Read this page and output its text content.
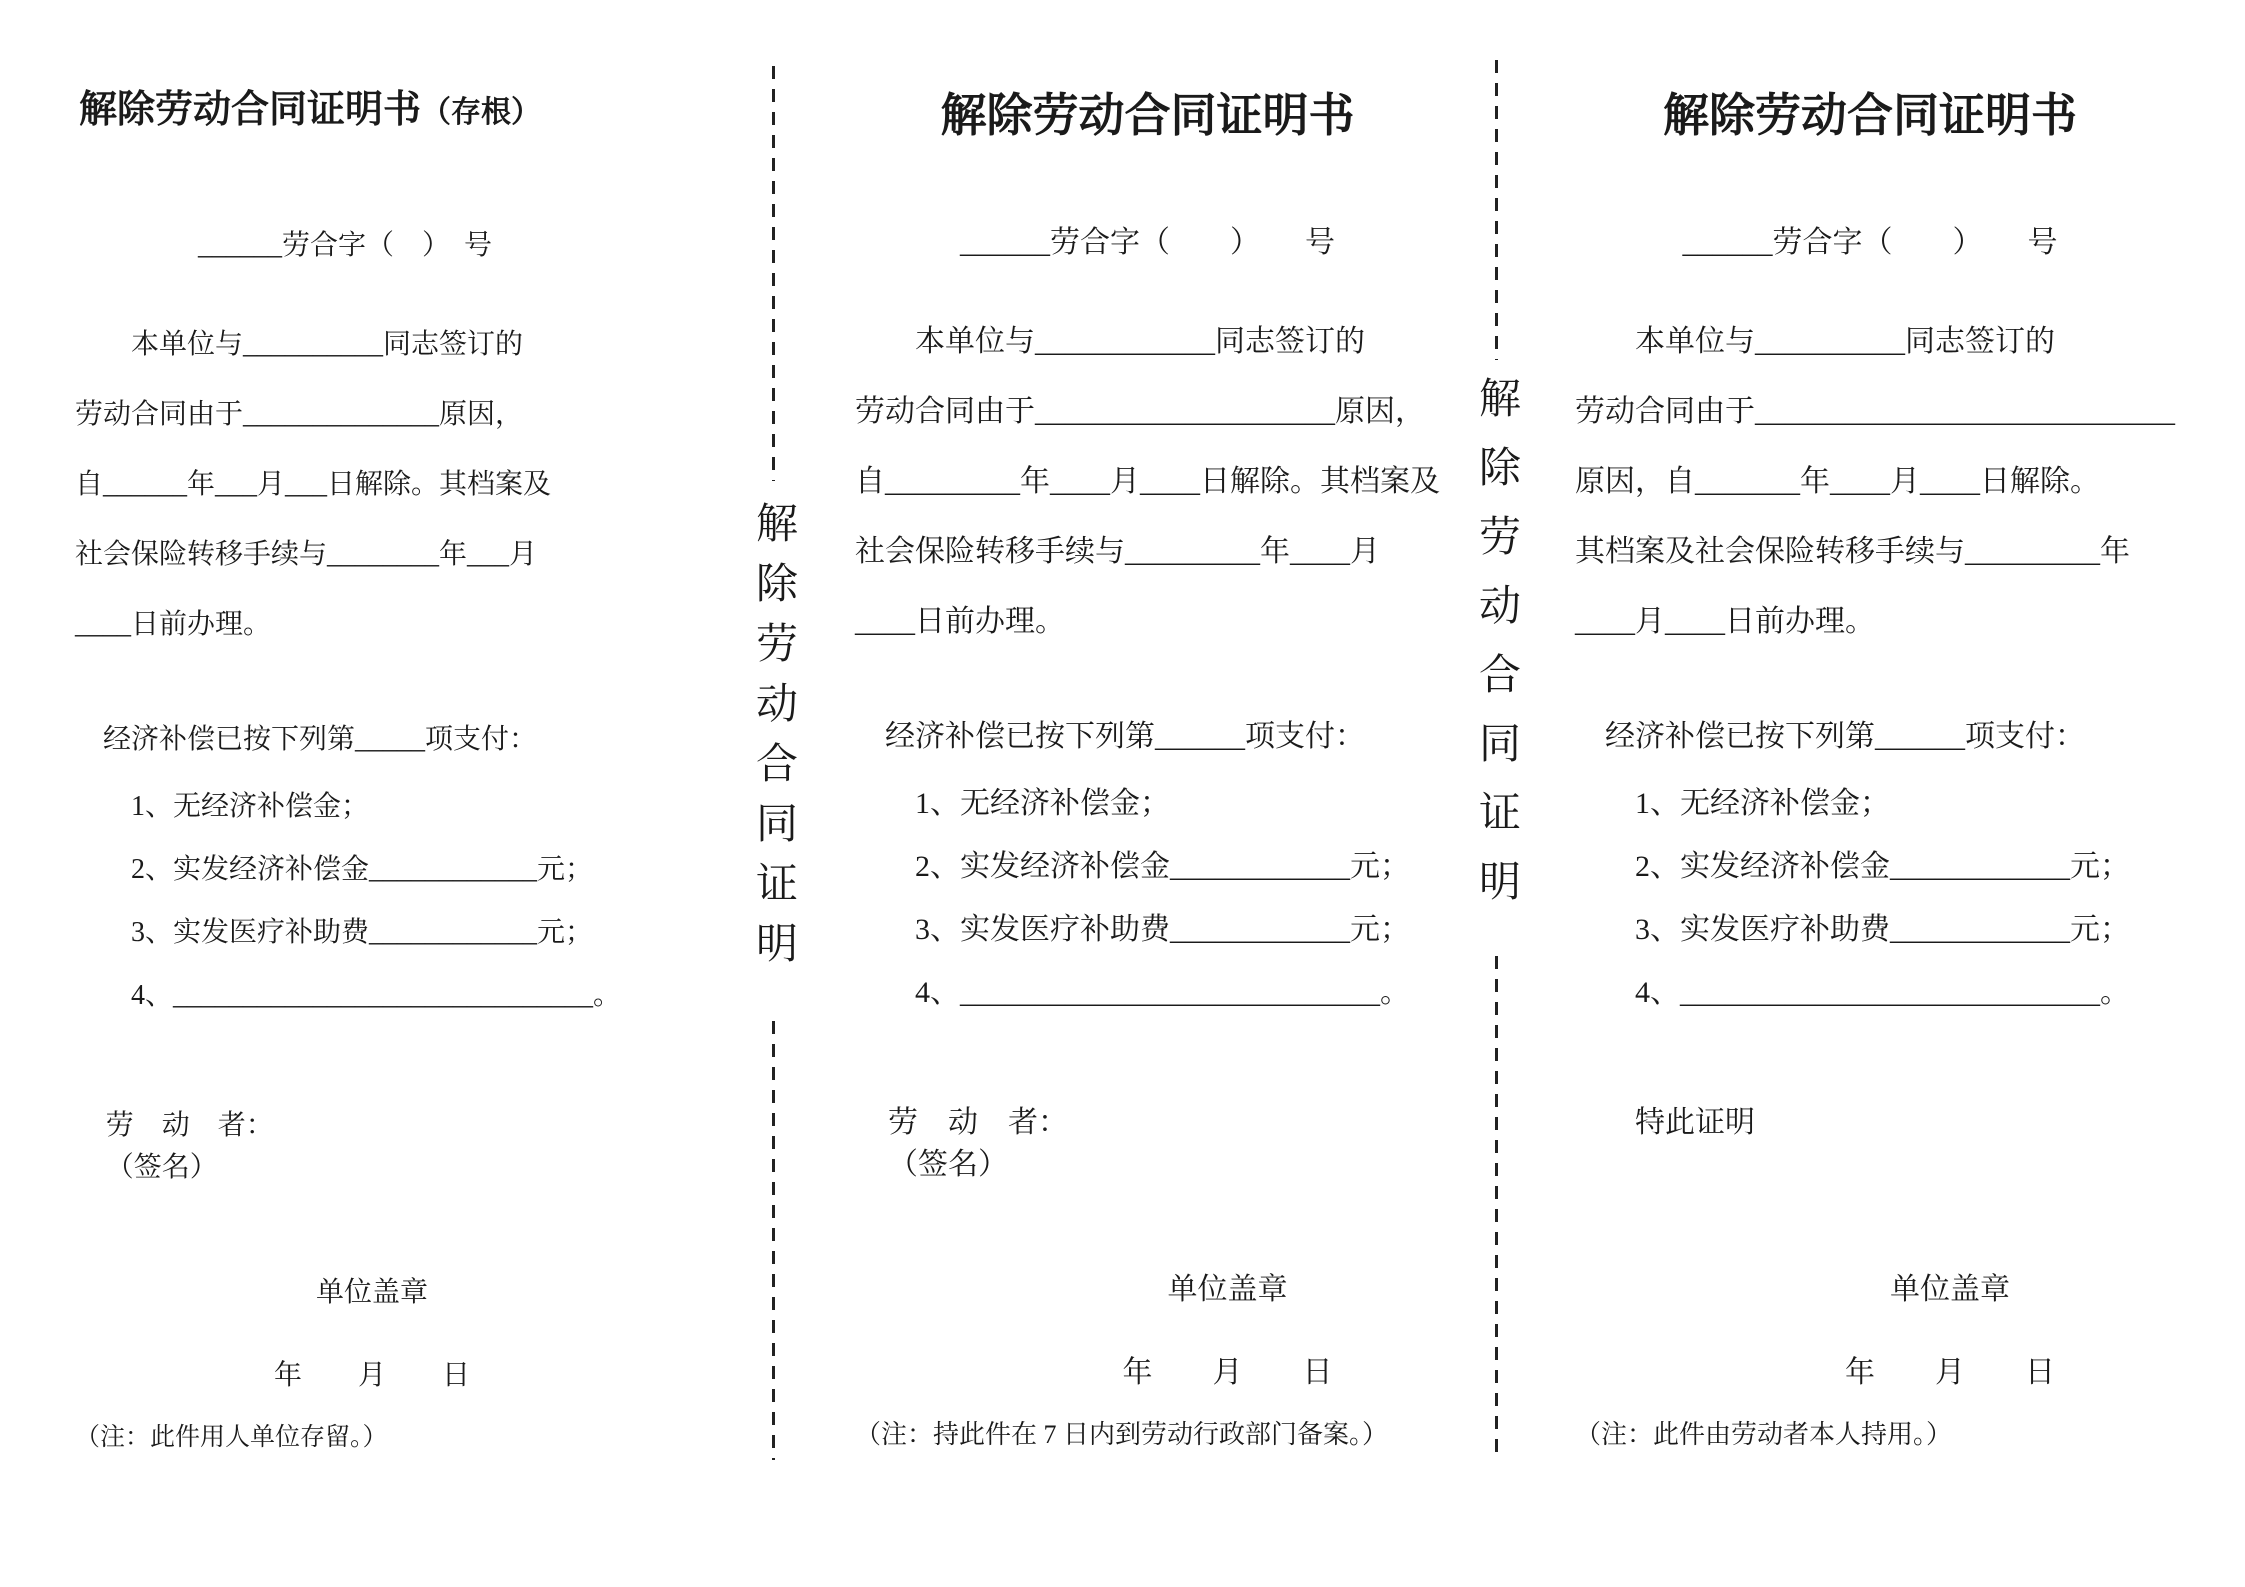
解除劳动合同证明书（存根）
______劳合字（　）　号
本单位与__________同志签订的
劳动合同由于______________原因，
自______年___月___日解除。其档案及
社会保险转移手续与________年___月
____日前办理。
经济补偿已按下列第_____项支付：
1、无经济补偿金；
2、实发经济补偿金____________元；
3、实发医疗补助费____________元；
4、______________________________。
劳　动　者：
（签名）
单位盖章
年　　月　　日
（注：此件用人单位存留。）
解除劳动合同证明
解除劳动合同证明书
______劳合字（　　）　　号
本单位与____________同志签订的
劳动合同由于____________________原因，
自_________年____月____日解除。其档案及
社会保险转移手续与_________年____月
____日前办理。
经济补偿已按下列第______项支付：
1、无经济补偿金；
2、实发经济补偿金____________元；
3、实发医疗补助费____________元；
4、____________________________。
劳　动　者：
（签名）
单位盖章
年　　月　　日
（注：持此件在 7 日内到劳动行政部门备案。）
解除劳动合同证明
解除劳动合同证明书
______劳合字（　　）　　号
本单位与__________同志签订的
劳动合同由于____________________________
原因，自_______年____月____日解除。
其档案及社会保险转移手续与_________年
____月____日前办理。
经济补偿已按下列第______项支付：
1、无经济补偿金；
2、实发经济补偿金____________元；
3、实发医疗补助费____________元；
4、____________________________。
特此证明
单位盖章
年　　月　　日
（注：此件由劳动者本人持用。）
